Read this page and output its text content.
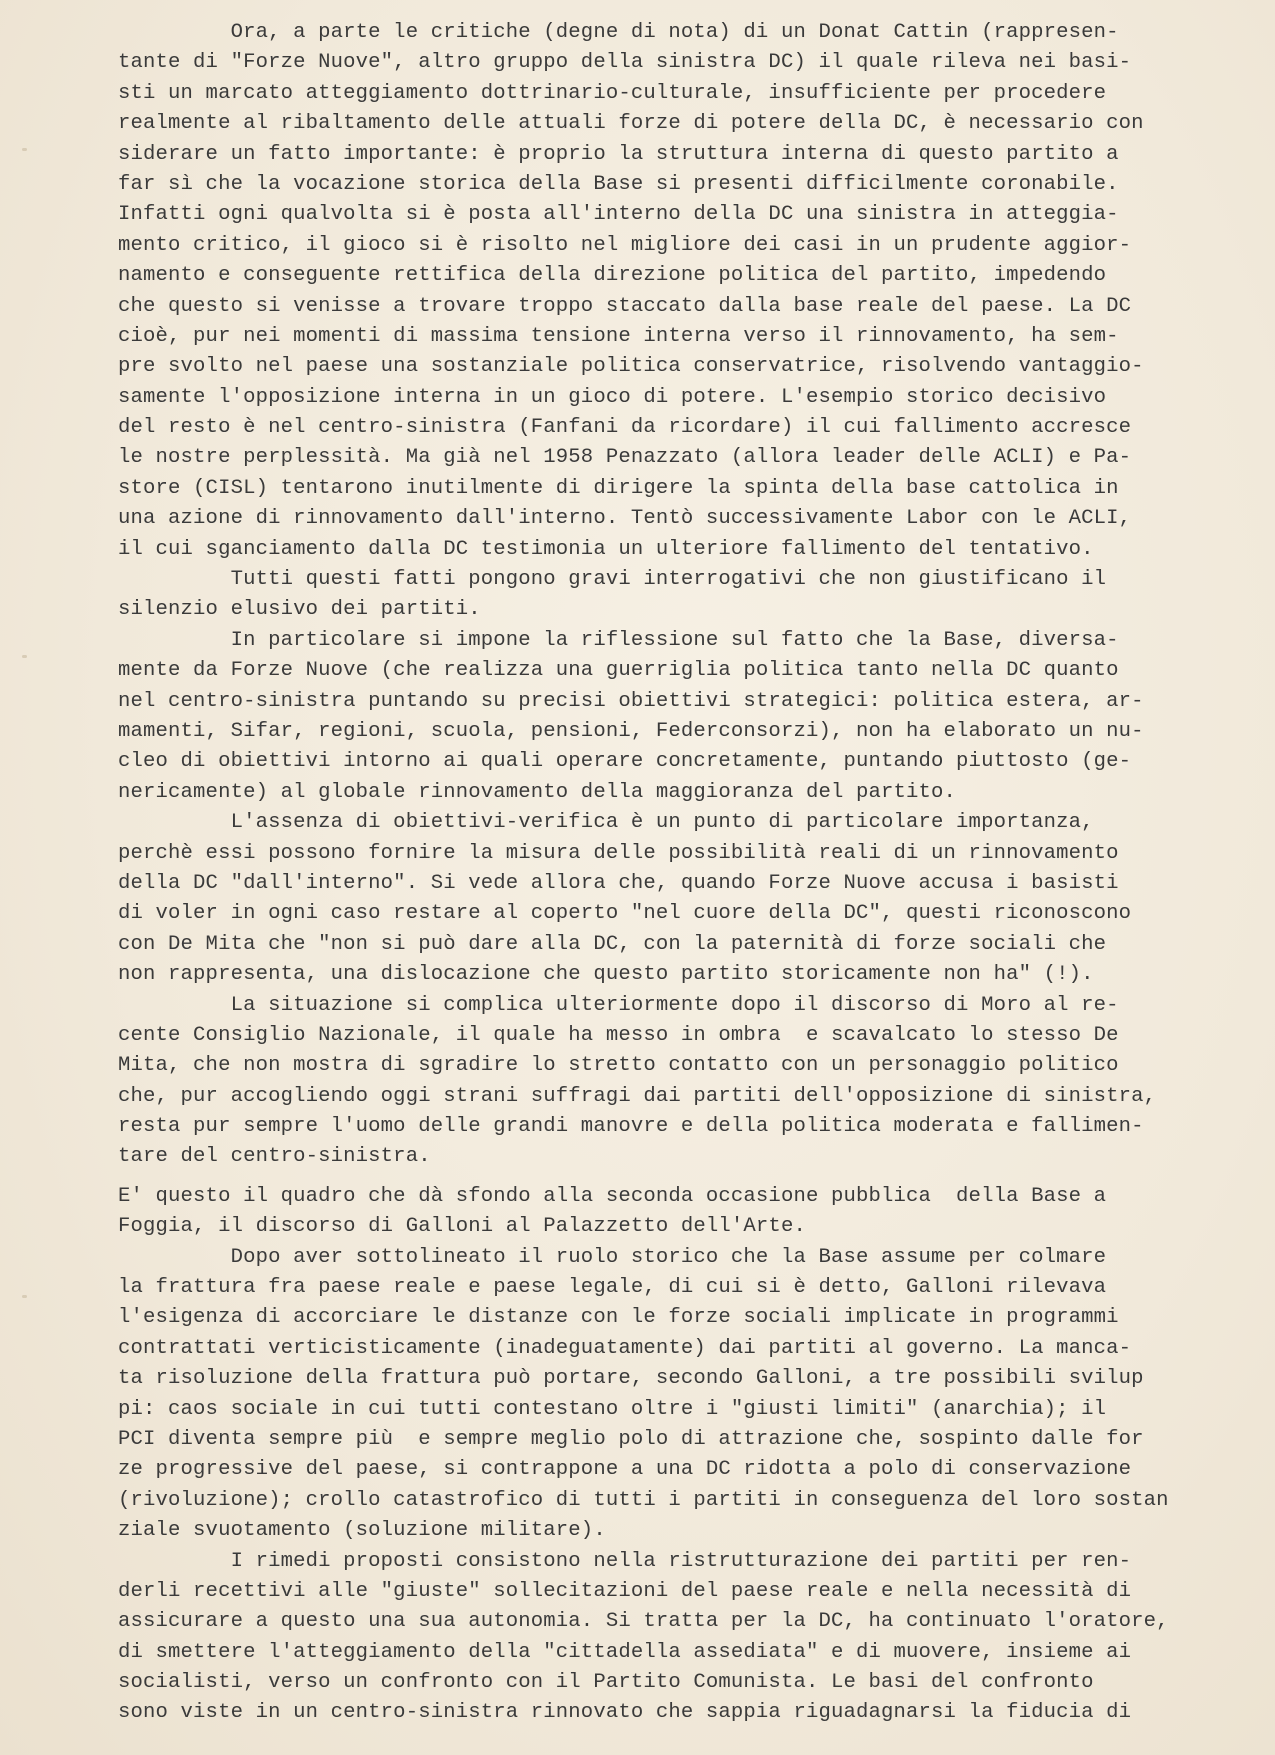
Ora, a parte le critiche (degne di nota) di un Donat Cattin (rappresen-
tante di "Forze Nuove", altro gruppo della sinistra DC) il quale rileva nei basi-
sti un marcato atteggiamento dottrinario-culturale, insufficiente per procedere
realmente al ribaltamento delle attuali forze di potere della DC, è necessario con
siderare un fatto importante: è proprio la struttura interna di questo partito a
far sì che la vocazione storica della Base si presenti difficilmente coronabile.
Infatti ogni qualvolta si è posta all'interno della DC una sinistra in atteggia-
mento critico, il gioco si è risolto nel migliore dei casi in un prudente aggior-
namento e conseguente rettifica della direzione politica del partito, impedendo
che questo si venisse a trovare troppo staccato dalla base reale del paese. La DC
cioè, pur nei momenti di massima tensione interna verso il rinnovamento, ha sem-
pre svolto nel paese una sostanziale politica conservatrice, risolvendo vantaggio-
samente l'opposizione interna in un gioco di potere. L'esempio storico decisivo
del resto è nel centro-sinistra (Fanfani da ricordare) il cui fallimento accresce
le nostre perplessità. Ma già nel 1958 Penazzato (allora leader delle ACLI) e Pa-
store (CISL) tentarono inutilmente di dirigere la spinta della base cattolica in
una azione di rinnovamento dall'interno. Tentò successivamente Labor con le ACLI,
il cui sganciamento dalla DC testimonia un ulteriore fallimento del tentativo.
Tutti questi fatti pongono gravi interrogativi che non giustificano il
silenzio elusivo dei partiti.
In particolare si impone la riflessione sul fatto che la Base, diversa-
mente da Forze Nuove (che realizza una guerriglia politica tanto nella DC quanto
nel centro-sinistra puntando su precisi obiettivi strategici: politica estera, ar-
mamenti, Sifar, regioni, scuola, pensioni, Federconsorzi), non ha elaborato un nu-
cleo di obiettivi intorno ai quali operare concretamente, puntando piuttosto (ge-
nericamente) al globale rinnovamento della maggioranza del partito.
L'assenza di obiettivi-verifica è un punto di particolare importanza,
perchè essi possono fornire la misura delle possibilità reali di un rinnovamento
della DC "dall'interno". Si vede allora che, quando Forze Nuove accusa i basisti
di voler in ogni caso restare al coperto "nel cuore della DC", questi riconoscono
con De Mita che "non si può dare alla DC, con la paternità di forze sociali che
non rappresenta, una dislocazione che questo partito storicamente non ha" (!).
La situazione si complica ulteriormente dopo il discorso di Moro al re-
cente Consiglio Nazionale, il quale ha messo in ombra  e scavalcato lo stesso De
Mita, che non mostra di sgradire lo stretto contatto con un personaggio politico
che, pur accogliendo oggi strani suffragi dai partiti dell'opposizione di sinistra,
resta pur sempre l'uomo delle grandi manovre e della politica moderata e fallimen-
tare del centro-sinistra.
E' questo il quadro che dà sfondo alla seconda occasione pubblica  della Base a
Foggia, il discorso di Galloni al Palazzetto dell'Arte.
Dopo aver sottolineato il ruolo storico che la Base assume per colmare
la frattura fra paese reale e paese legale, di cui si è detto, Galloni rilevava
l'esigenza di accorciare le distanze con le forze sociali implicate in programmi
contrattati verticisticamente (inadeguatamente) dai partiti al governo. La manca-
ta risoluzione della frattura può portare, secondo Galloni, a tre possibili svilup
pi: caos sociale in cui tutti contestano oltre i "giusti limiti" (anarchia); il
PCI diventa sempre più  e sempre meglio polo di attrazione che, sospinto dalle for
ze progressive del paese, si contrappone a una DC ridotta a polo di conservazione
(rivoluzione); crollo catastrofico di tutti i partiti in conseguenza del loro sostan
ziale svuotamento (soluzione militare).
I rimedi proposti consistono nella ristrutturazione dei partiti per ren-
derli recettivi alle "giuste" sollecitazioni del paese reale e nella necessità di
assicurare a questo una sua autonomia. Si tratta per la DC, ha continuato l'oratore,
di smettere l'atteggiamento della "cittadella assediata" e di muovere, insieme ai
socialisti, verso un confronto con il Partito Comunista. Le basi del confronto
sono viste in un centro-sinistra rinnovato che sappia riguadagnarsi la fiducia di
